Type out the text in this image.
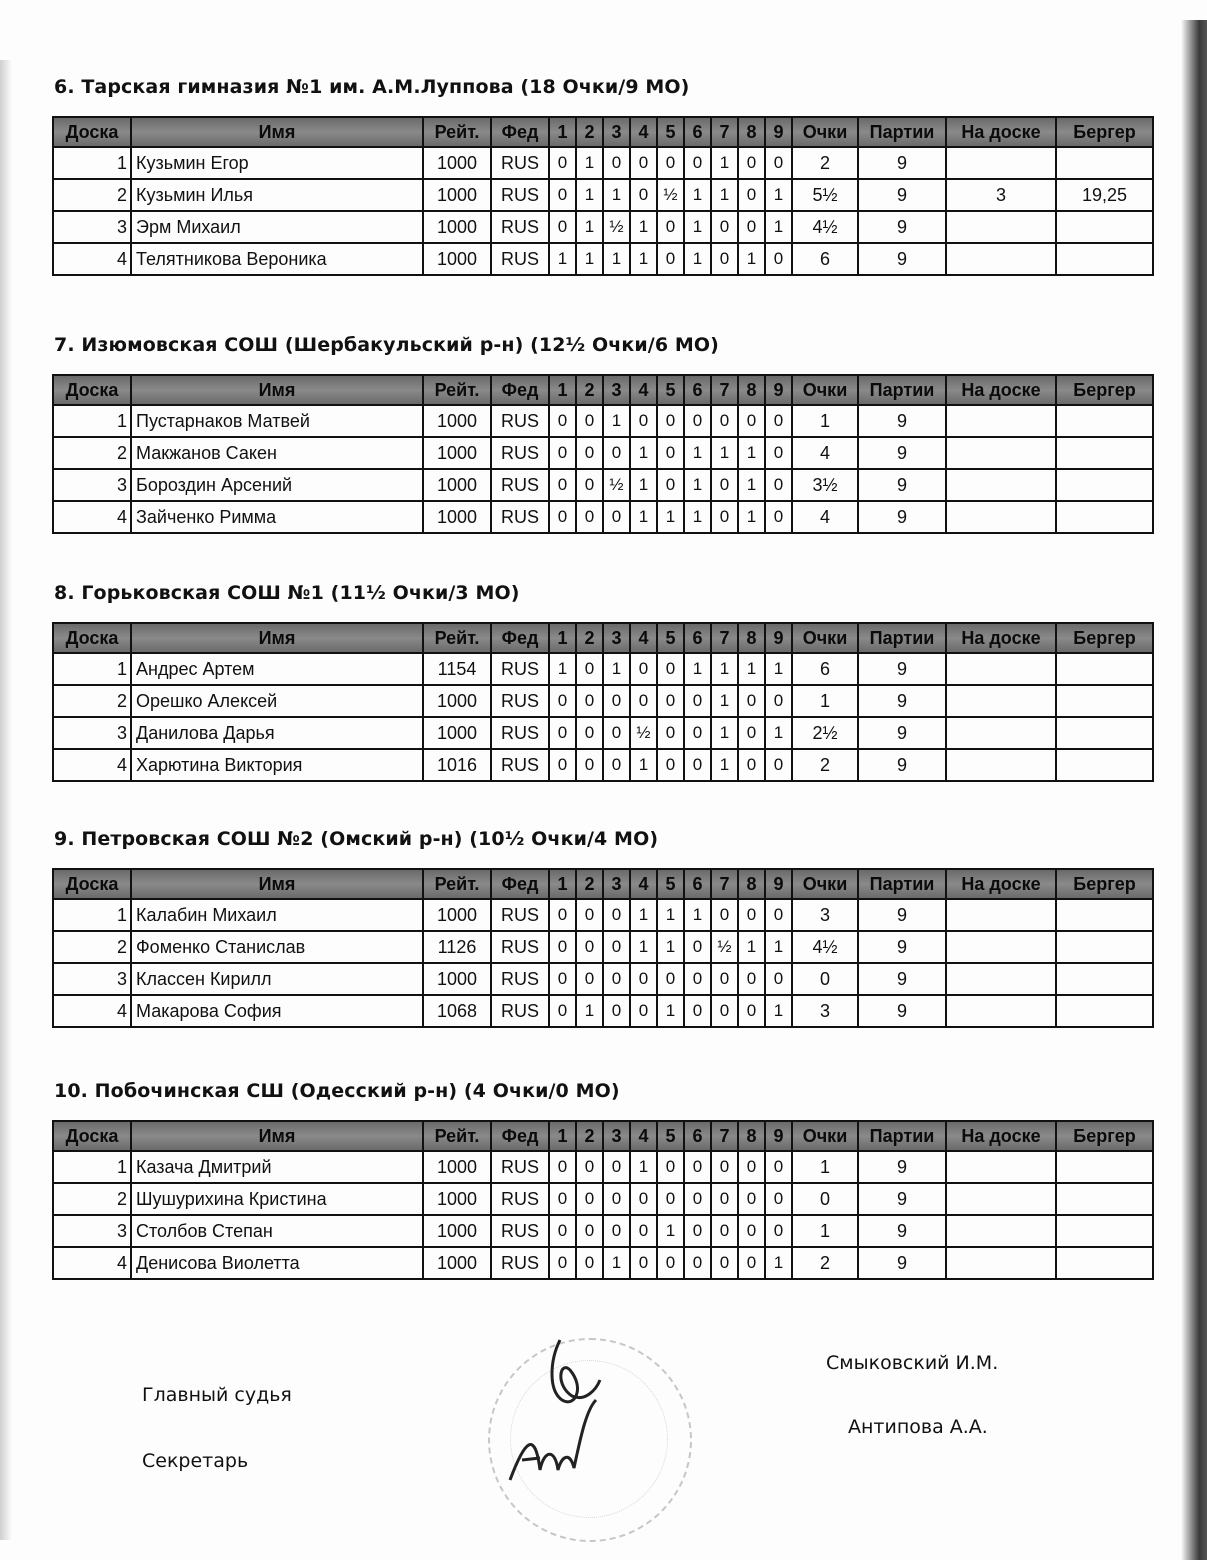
6. Тарская гимназия №1 им. А.М.Луппова (18 Очки/9 МО)
Доска	Имя	Рейт.	Фед	1	2	3	4	5	6	7	8	9	Очки	Партии	На доске	Бергер
1	Кузьмин Егор	1000	RUS	0	1	0	0	0	0	1	0	0	2	9		
2	Кузьмин Илья	1000	RUS	0	1	1	0	½	1	1	0	1	5½	9	3	19,25
3	Эрм Михаил	1000	RUS	0	1	½	1	0	1	0	0	1	4½	9		
4	Телятникова Вероника	1000	RUS	1	1	1	1	0	1	0	1	0	6	9		
7. Изюмовская СОШ (Шербакульский р-н) (12½ Очки/6 МО)
Доска	Имя	Рейт.	Фед	1	2	3	4	5	6	7	8	9	Очки	Партии	На доске	Бергер
1	Пустарнаков Матвей	1000	RUS	0	0	1	0	0	0	0	0	0	1	9		
2	Макжанов Сакен	1000	RUS	0	0	0	1	0	1	1	1	0	4	9		
3	Бороздин Арсений	1000	RUS	0	0	½	1	0	1	0	1	0	3½	9		
4	Зайченко Римма	1000	RUS	0	0	0	1	1	1	0	1	0	4	9		
8. Горьковская СОШ №1 (11½ Очки/3 МО)
Доска	Имя	Рейт.	Фед	1	2	3	4	5	6	7	8	9	Очки	Партии	На доске	Бергер
1	Андрес Артем	1154	RUS	1	0	1	0	0	1	1	1	1	6	9		
2	Орешко Алексей	1000	RUS	0	0	0	0	0	0	1	0	0	1	9		
3	Данилова Дарья	1000	RUS	0	0	0	½	0	0	1	0	1	2½	9		
4	Харютина Виктория	1016	RUS	0	0	0	1	0	0	1	0	0	2	9		
9. Петровская СОШ №2 (Омский р-н) (10½ Очки/4 МО)
Доска	Имя	Рейт.	Фед	1	2	3	4	5	6	7	8	9	Очки	Партии	На доске	Бергер
1	Калабин Михаил	1000	RUS	0	0	0	1	1	1	0	0	0	3	9		
2	Фоменко Станислав	1126	RUS	0	0	0	1	1	0	½	1	1	4½	9		
3	Классен Кирилл	1000	RUS	0	0	0	0	0	0	0	0	0	0	9		
4	Макарова София	1068	RUS	0	1	0	0	1	0	0	0	1	3	9		
10. Побочинская СШ (Одесский р-н) (4 Очки/0 МО)
Доска	Имя	Рейт.	Фед	1	2	3	4	5	6	7	8	9	Очки	Партии	На доске	Бергер
1	Казача Дмитрий	1000	RUS	0	0	0	1	0	0	0	0	0	1	9		
2	Шушурихина Кристина	1000	RUS	0	0	0	0	0	0	0	0	0	0	9		
3	Столбов Степан	1000	RUS	0	0	0	0	1	0	0	0	0	1	9		
4	Денисова Виолетта	1000	RUS	0	0	1	0	0	0	0	0	1	2	9		
Главный судья
Смыковский И.М.
Секретарь
Антипова А.А.
